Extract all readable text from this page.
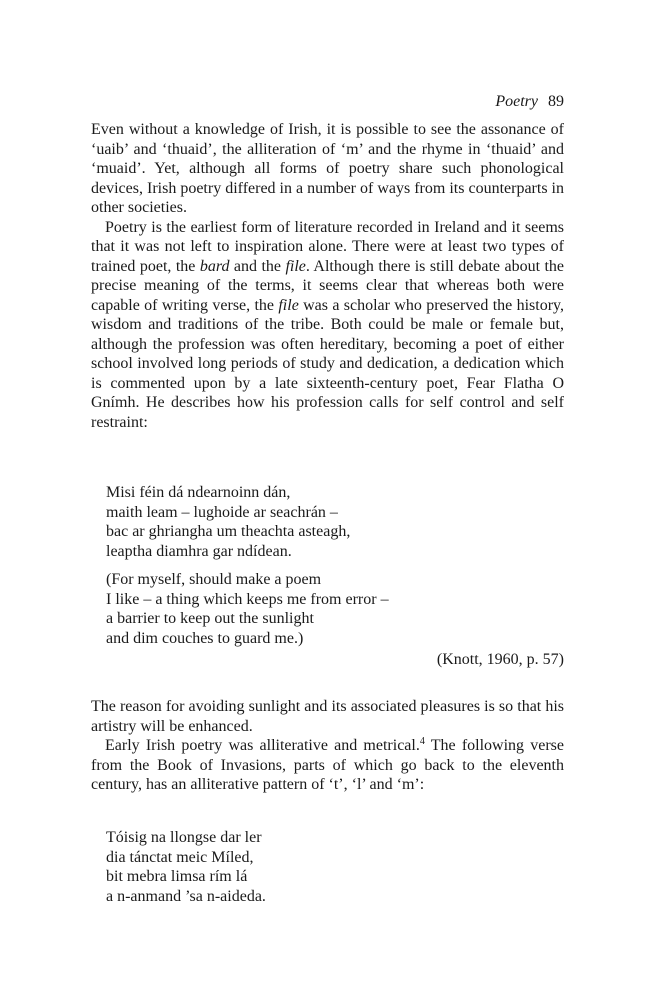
Poetry 89

Even without a knowledge of Irish, it is possible to see the assonance of ‘uaib’ and ‘thuaid’, the alliteration of ‘m’ and the rhyme in ‘thuaid’ and ‘muaid’. Yet, although all forms of poetry share such phonological devices, Irish poetry differed in a number of ways from its counterparts in other societies.

Poetry is the earliest form of literature recorded in Ireland and it seems that it was not left to inspiration alone. There were at least two types of trained poet, the bard and the file. Although there is still debate about the precise meaning of the terms, it seems clear that whereas both were capable of writing verse, the file was a scholar who preserved the history, wisdom and traditions of the tribe. Both could be male or female but, although the profession was often hereditary, becoming a poet of either school involved long periods of study and dedication, a dedication which is commented upon by a late sixteenth-century poet, Fear Flatha O Gnímh. He describes how his profession calls for self control and self restraint:

Misi féin dá ndearnoinn dán,
maith leam – lughoide ar seachrán –
bac ar ghriangha um theachta asteagh,
leaptha diamhra gar ndídean.
(For myself, should make a poem
I like – a thing which keeps me from error –
a barrier to keep out the sunlight
and dim couches to guard me.)
(Knott, 1960, p. 57)

The reason for avoiding sunlight and its associated pleasures is so that his artistry will be enhanced.

Early Irish poetry was alliterative and metrical.$^4$ The following verse from the Book of Invasions, parts of which go back to the eleventh century, has an alliterative pattern of ‘t’, ‘l’ and ‘m’:

Tóisig na llongse dar ler
dia tánctat meic Míled,
bit mebra limsa rím lá
a n-anmand ’sa n-aideda.
